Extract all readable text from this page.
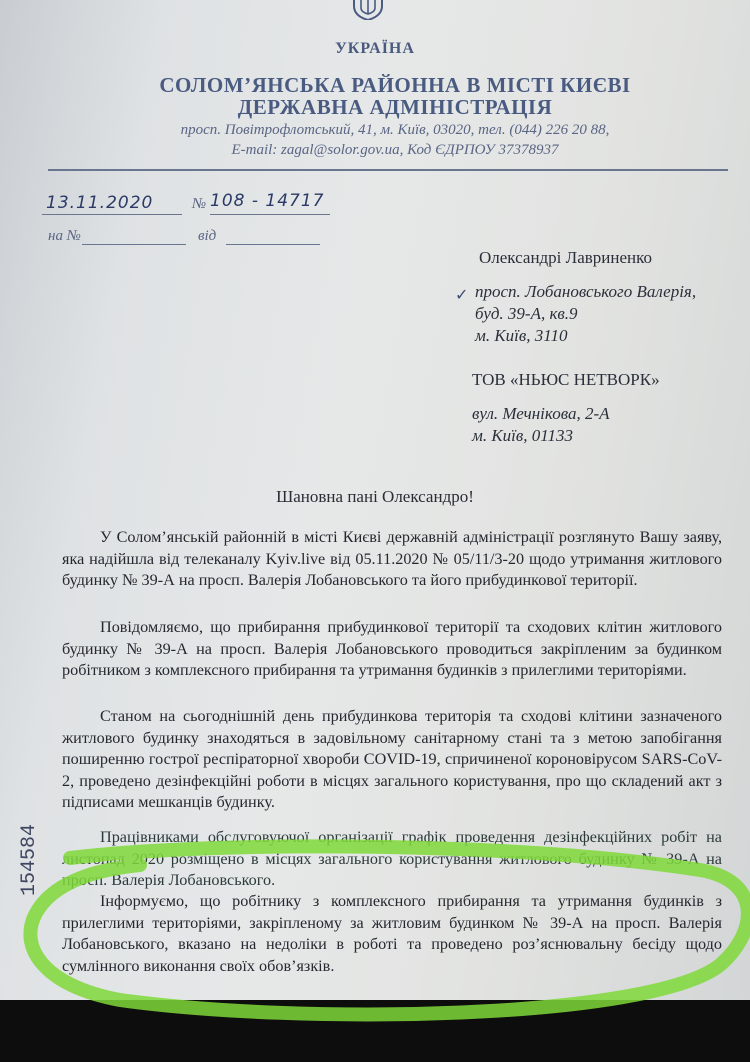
УКРАЇНА
СОЛОМ’ЯНСЬКА РАЙОННА В МІСТІ КИЄВІ
ДЕРЖАВНА АДМІНІСТРАЦІЯ
просп. Повітрофлотський, 41, м. Київ, 03020, тел. (044) 226 20 88,
E-mail: zagal@solor.gov.ua, Код ЄДРПОУ 37378937
13.11.2020	№ 108 - 14717
на №	від
Олександрі Лавриненко
✓ просп. Лобановського Валерія,
буд. 39-А, кв.9
м. Київ, 3110
ТОВ «НЬЮС НЕТВОРК»
вул. Мечнікова, 2-А
м. Київ, 01133
Шановна пані Олександро!
У Солом’янській районній в місті Києві державній адміністрації розглянуто Вашу заяву, яка надійшла від телеканалу Kyiv.live від 05.11.2020 № 05/11/3-20 щодо утримання житлового будинку № 39-А на просп. Валерія Лобановського та його прибудинкової території.
Повідомляємо, що прибирання прибудинкової території та сходових клітин житлового будинку № 39-А на просп. Валерія Лобановського проводиться закріпленим за будинком робітником з комплексного прибирання та утримання будинків з прилеглими територіями.
Станом на сьогоднішній день прибудинкова територія та сходові клітини зазначеного житлового будинку знаходяться в задовільному санітарному стані та з метою запобігання поширенню гострої респіраторної хвороби COVID-19, спричиненої короновірусом SARS-CoV-2, проведено дезінфекційні роботи в місцях загального користування, про що складений акт з підписами мешканців будинку.
Працівниками обслуговуючої організації графік проведення дезінфекційних робіт на листопад 2020 розміщено в місцях загального користування житлового будинку № 39-А на просп. Валерія Лобановського.
Інформуємо, що робітнику з комплексного прибирання та утримання будинків з прилеглими територіями, закріпленому за житловим будинком № 39-А на просп. Валерія Лобановського, вказано на недоліки в роботі та проведено роз’яснювальну бесіду щодо сумлінного виконання своїх обов’язків.
154584
